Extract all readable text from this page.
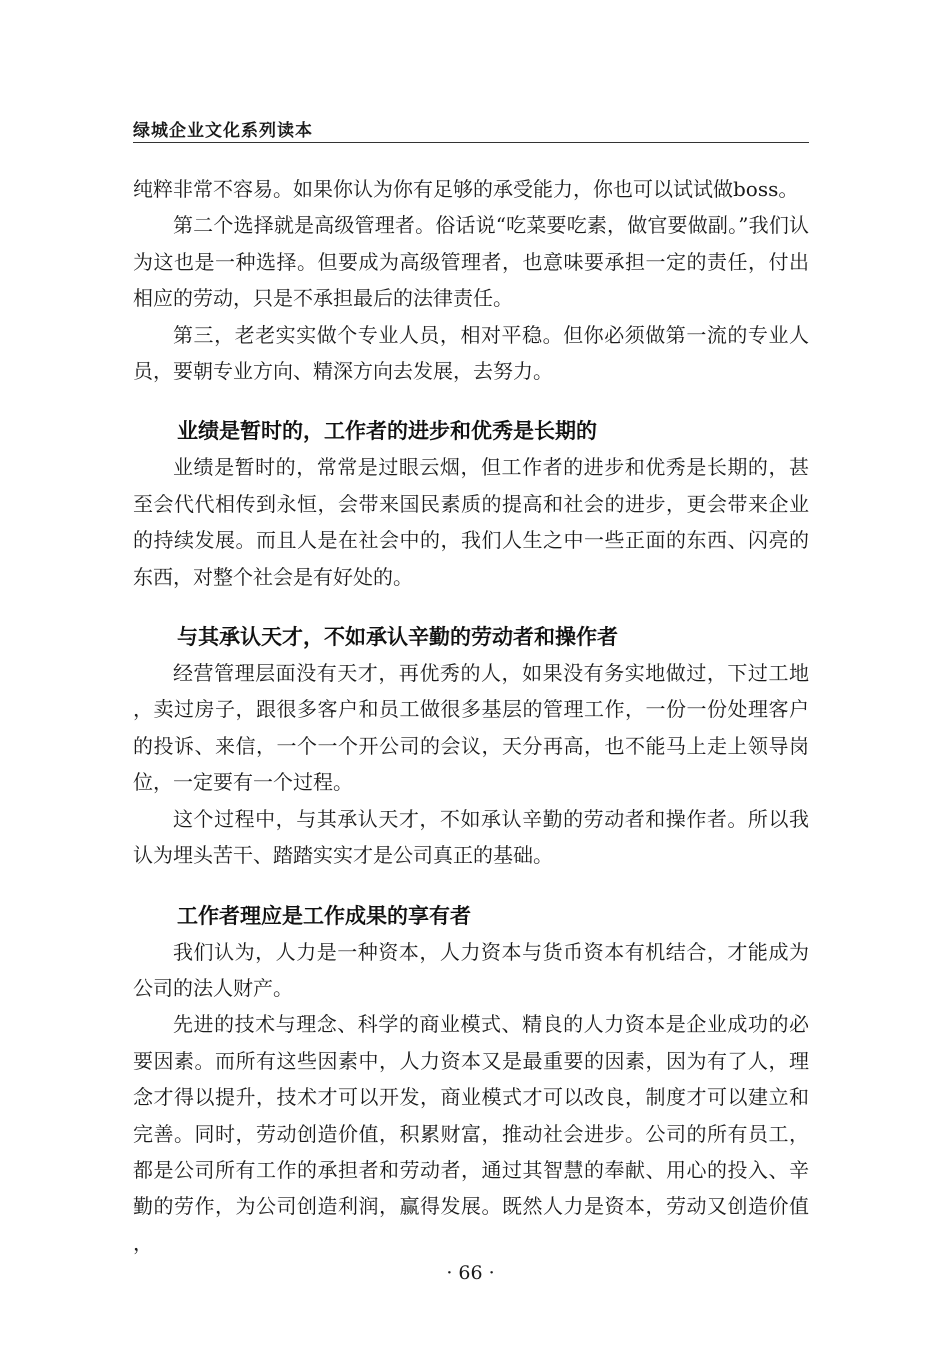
绿城企业文化系列读本

纯粹非常不容易。如果你认为你有足够的承受能力，你也可以试试做boss。

第二个选择就是高级管理者。俗话说“吃菜要吃素，做官要做副。”我们认为这也是一种选择。但要成为高级管理者，也意味要承担一定的责任，付出相应的劳动，只是不承担最后的法律责任。

第三，老老实实做个专业人员，相对平稳。但你必须做第一流的专业人员，要朝专业方向、精深方向去发展，去努力。

业绩是暂时的，工作者的进步和优秀是长期的

业绩是暂时的，常常是过眼云烟，但工作者的进步和优秀是长期的，甚至会代代相传到永恒，会带来国民素质的提高和社会的进步，更会带来企业的持续发展。而且人是在社会中的，我们人生之中一些正面的东西、闪亮的东西，对整个社会是有好处的。

与其承认天才，不如承认辛勤的劳动者和操作者

经营管理层面没有天才，再优秀的人，如果没有务实地做过，下过工地，卖过房子，跟很多客户和员工做很多基层的管理工作，一份一份处理客户的投诉、来信，一个一个开公司的会议，天分再高，也不能马上走上领导岗位，一定要有一个过程。

这个过程中，与其承认天才，不如承认辛勤的劳动者和操作者。所以我认为埋头苦干、踏踏实实才是公司真正的基础。

工作者理应是工作成果的享有者

我们认为，人力是一种资本，人力资本与货币资本有机结合，才能成为公司的法人财产。

先进的技术与理念、科学的商业模式、精良的人力资本是企业成功的必要因素。而所有这些因素中，人力资本又是最重要的因素，因为有了人，理念才得以提升，技术才可以开发，商业模式才可以改良，制度才可以建立和完善。同时，劳动创造价值，积累财富，推动社会进步。公司的所有员工，都是公司所有工作的承担者和劳动者，通过其智慧的奉献、用心的投入、辛勤的劳作，为公司创造利润，赢得发展。既然人力是资本，劳动又创造价值，

· 66 ·
